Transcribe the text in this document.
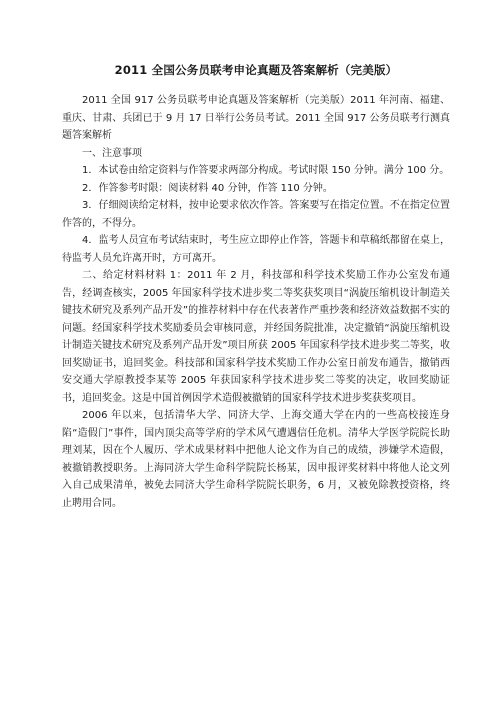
2011 全国公务员联考申论真题及答案解析（完美版）

2011 全国 917 公务员联考申论真题及答案解析（完美版）2011 年河南、福建、重庆、甘肃、兵团已于 9 月 17 日举行公务员考试。2011 全国 917 公务员联考行测真题答案解析

一、注意事项

1．本试卷由给定资料与作答要求两部分构成。考试时限 150 分钟。满分 100 分。

2．作答参考时限：阅读材料 40 分钟，作答 110 分钟。

3．仔细阅读给定材料，按申论要求依次作答。答案要写在指定位置。不在指定位置作答的，不得分。

4．监考人员宣布考试结束时，考生应立即停止作答，答题卡和草稿纸都留在桌上，待监考人员允许离开时，方可离开。

二、给定材料材料 1：2011 年 2 月，科技部和科学技术奖励工作办公室发布通告，经调查核实，2005 年国家科学技术进步奖二等奖获奖项目“涡旋压缩机设计制造关键技术研究及系列产品开发”的推荐材料中存在代表著作严重抄袭和经济效益数据不实的问题。经国家科学技术奖励委员会审核同意，并经国务院批准，决定撤销“涡旋压缩机设计制造关键技术研究及系列产品开发”项目所获 2005 年国家科学技术进步奖二等奖，收回奖励证书，追回奖金。科技部和国家科学技术奖励工作办公室日前发布通告，撤销西安交通大学原教授李某等 2005 年获国家科学技术进步奖二等奖的决定，收回奖励证书，追回奖金。这是中国首例因学术造假被撤销的国家科学技术进步奖获奖项目。

2006 年以来，包括清华大学、同济大学、上海交通大学在内的一些高校接连身陷“造假门”事件，国内顶尖高等学府的学术风气遭遇信任危机。清华大学医学院院长助理刘某，因在个人履历、学术成果材料中把他人论文作为自己的成绩，涉嫌学术造假，被撤销教授职务。上海同济大学生命科学院院长杨某，因申报评奖材料中将他人论文列入自己成果清单，被免去同济大学生命科学院院长职务，6 月，又被免除教授资格，终止聘用合同。
